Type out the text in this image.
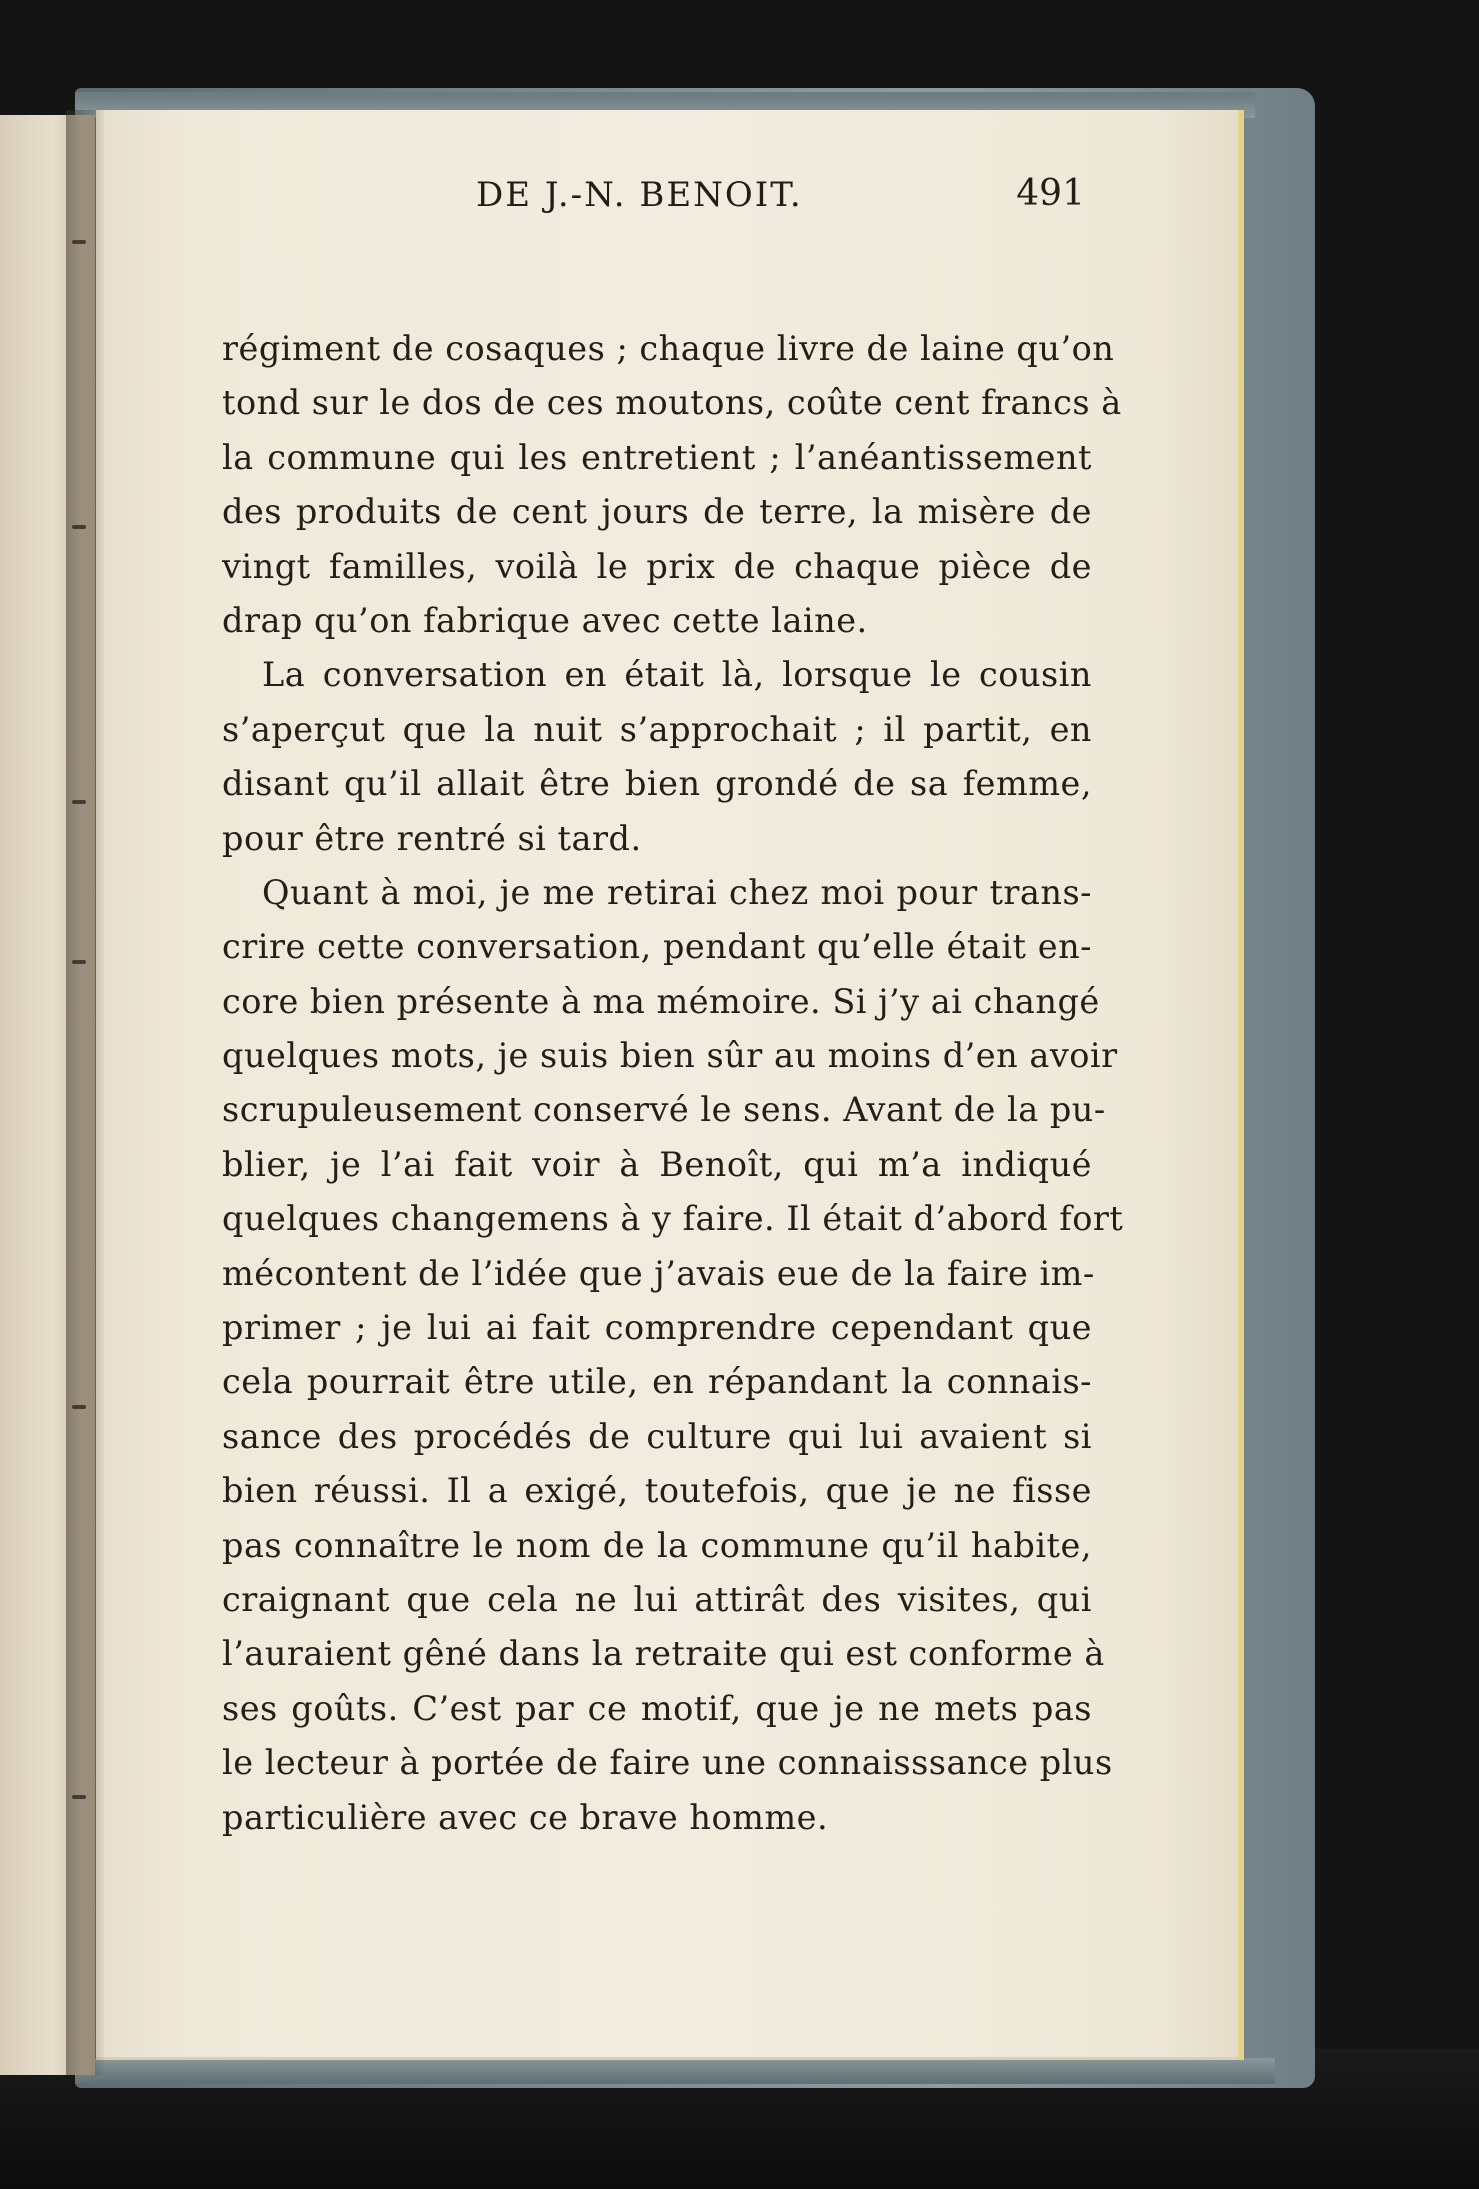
DE J.-N. BENOIT.	491
régiment de cosaques ; chaque livre de laine qu’on
tond sur le dos de ces moutons, coûte cent francs à
la commune qui les entretient ; l’anéantissement
des produits de cent jours de terre, la misère de
vingt familles, voilà le prix de chaque pièce de
drap qu’on fabrique avec cette laine.
La conversation en était là, lorsque le cousin
s’aperçut que la nuit s’approchait ; il partit, en
disant qu’il allait être bien grondé de sa femme,
pour être rentré si tard.
Quant à moi, je me retirai chez moi pour trans-
crire cette conversation, pendant qu’elle était en-
core bien présente à ma mémoire. Si j’y ai changé
quelques mots, je suis bien sûr au moins d’en avoir
scrupuleusement conservé le sens. Avant de la pu-
blier, je l’ai fait voir à Benoît, qui m’a indiqué
quelques changemens à y faire. Il était d’abord fort
mécontent de l’idée que j’avais eue de la faire im-
primer ; je lui ai fait comprendre cependant que
cela pourrait être utile, en répandant la connais-
sance des procédés de culture qui lui avaient si
bien réussi. Il a exigé, toutefois, que je ne fisse
pas connaître le nom de la commune qu’il habite,
craignant que cela ne lui attirât des visites, qui
l’auraient gêné dans la retraite qui est conforme à
ses goûts. C’est par ce motif, que je ne mets pas
le lecteur à portée de faire une connaisssance plus
particulière avec ce brave homme.
